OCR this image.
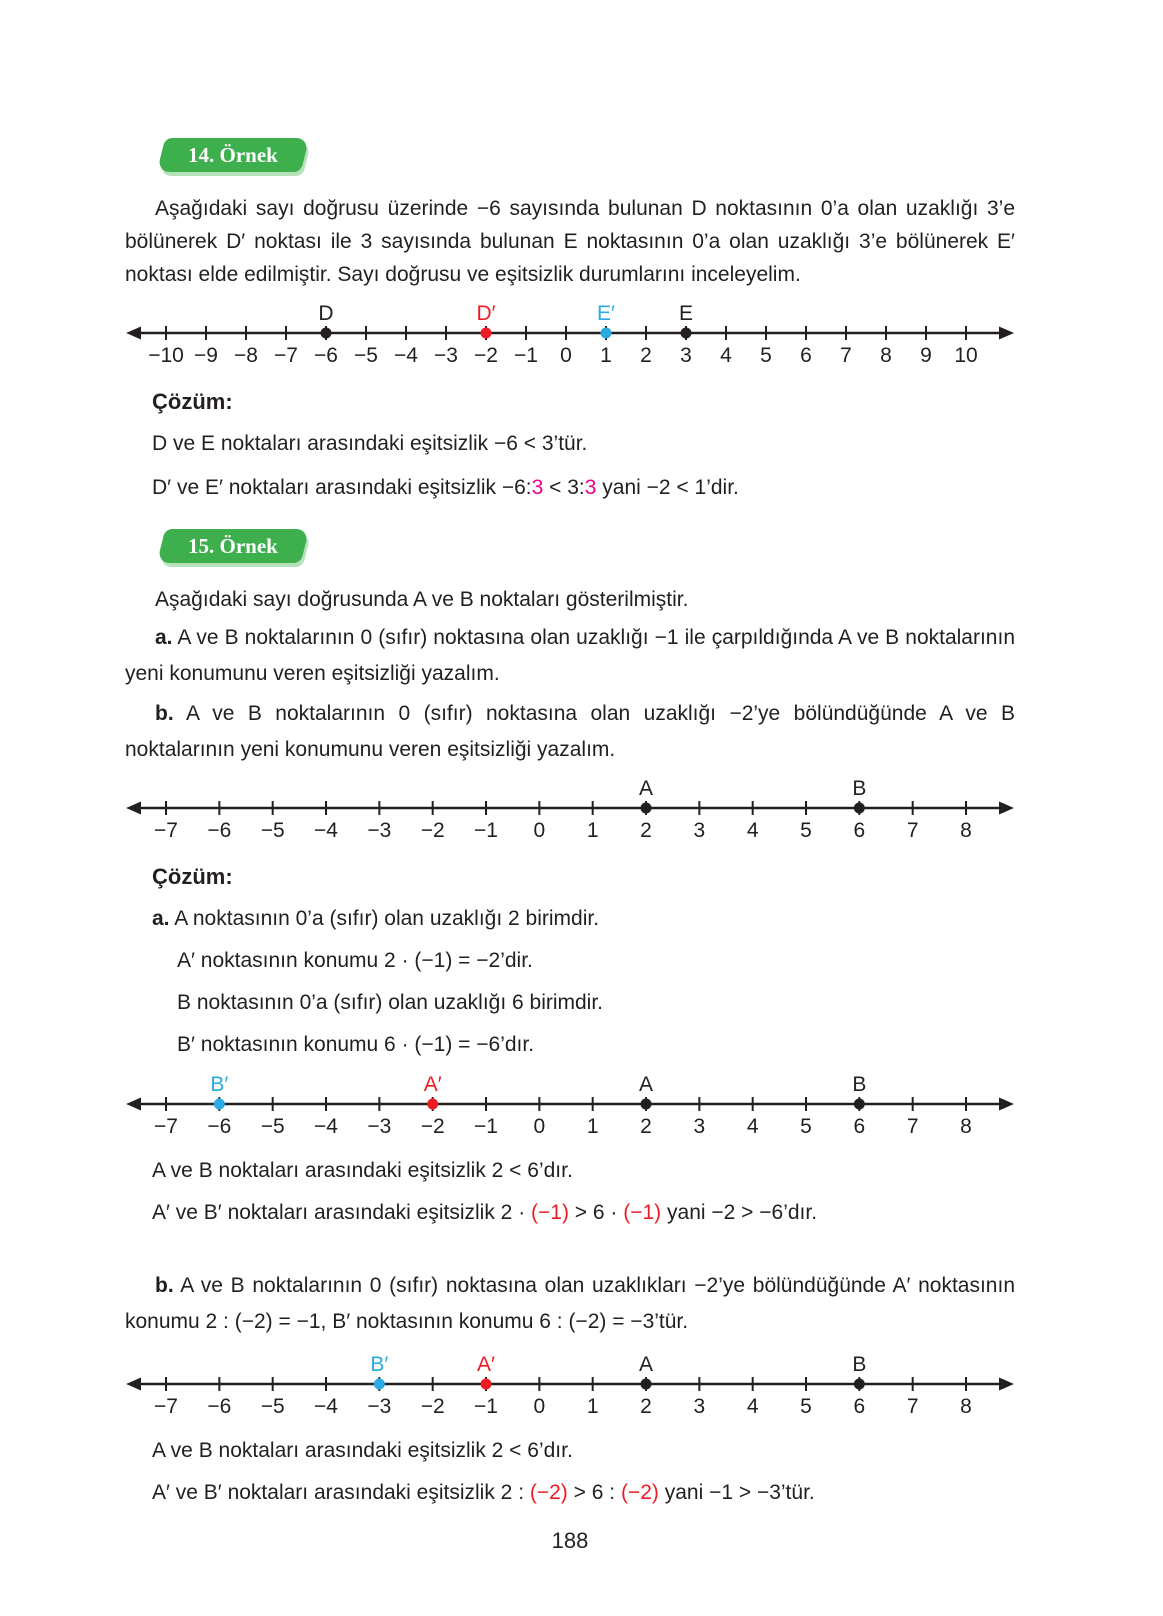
14. Örnek

Aşağıdaki sayı doğrusu üzerinde −6 sayısında bulunan D noktasının 0’a olan uzaklığı 3’e bölünerek D′ noktası ile 3 sayısında bulunan E noktasının 0’a olan uzaklığı 3’e bölünerek E′ noktası elde edilmiştir. Sayı doğrusu ve eşitsizlik durumlarını inceleyelim.

−10 −9 −8 −7 −6 −5 −4 −3 −2 −1 0 1 2 3 4 5 6 7 8 9 10
D	D′	E′	E
Çözüm:

D ve E noktaları arasındaki eşitsizlik −6 < 3’tür.

D′ ve E′ noktaları arasındaki eşitsizlik −6:3 < 3:3 yani −2 < 1’dir.

15. Örnek

Aşağıdaki sayı doğrusunda A ve B noktaları gösterilmiştir.

a. A ve B noktalarının 0 (sıfır) noktasına olan uzaklığı −1 ile çarpıldığında A ve B noktalarının yeni konumunu veren eşitsizliği yazalım.

b. A ve B noktalarının 0 (sıfır) noktasına olan uzaklığı −2’ye bölündüğünde A ve B noktalarının yeni konumunu veren eşitsizliği yazalım.

−7 −6 −5 −4 −3 −2 −1 0 1 2 3 4 5 6 7 8
A	B
Çözüm:

a. A noktasının 0’a (sıfır) olan uzaklığı 2 birimdir.

A′ noktasının konumu 2 · (−1) = −2’dir.

B noktasının 0’a (sıfır) olan uzaklığı 6 birimdir.

B′ noktasının konumu 6 · (−1) = −6’dır.

−7 −6 −5 −4 −3 −2 −1 0 1 2 3 4 5 6 7 8
B′	A′	A	B

A ve B noktaları arasındaki eşitsizlik 2 < 6’dır.

A′ ve B′ noktaları arasındaki eşitsizlik 2 · (−1) > 6 · (−1) yani −2 > −6’dır.

b. A ve B noktalarının 0 (sıfır) noktasına olan uzaklıkları −2’ye bölündüğünde A′ noktasının konumu 2 : (−2) = −1, B′ noktasının konumu 6 : (−2) = −3’tür.

−7 −6 −5 −4 −3 −2 −1 0 1 2 3 4 5 6 7 8
B′	A′	A	B

A ve B noktaları arasındaki eşitsizlik 2 < 6’dır.

A′ ve B′ noktaları arasındaki eşitsizlik 2 : (−2) > 6 : (−2) yani −1 > −3’tür.

188
